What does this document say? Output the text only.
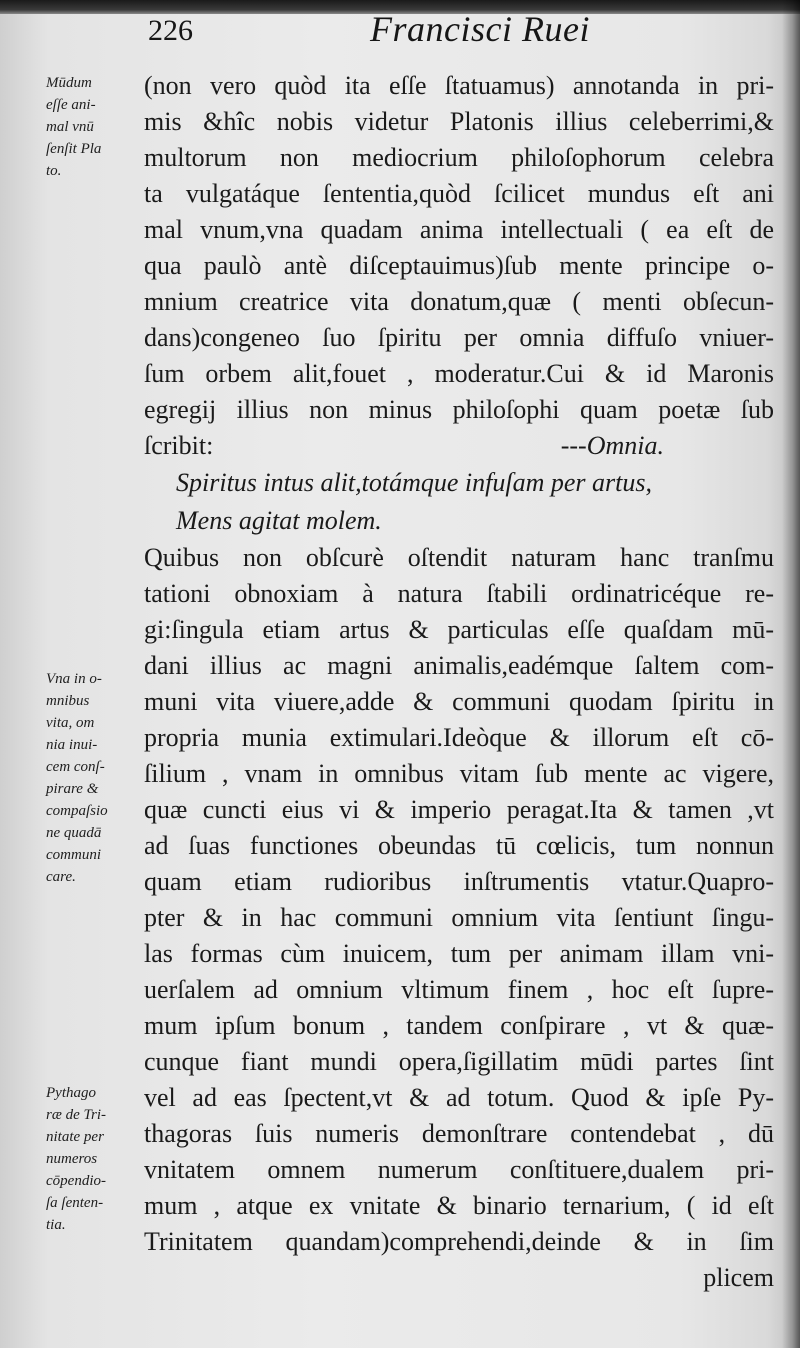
226	Francisci Ruei
Mūdum
eſſe ani-
mal vnū
ſenſit Pla
to.
Vna in o-
mnibus
vita, om
nia inui-
cem conſ-
pirare &
compaſsio
ne quadā
communi
care.
Pythago
ræ de Tri-
nitate per
numeros
cōpendio-
ſa ſenten-
tia.
(non vero quòd ita eſſe ſtatuamus) annotanda in pri-
mis &hîc nobis videtur Platonis illius celeberrimi,&
multorum non mediocrium philoſophorum celebra
ta vulgatáque ſententia,quòd ſcilicet mundus eſt ani
mal vnum,vna quadam anima intellectuali ( ea eſt de
qua paulò antè diſceptauimus)ſub mente principe o-
mnium creatrice vita donatum,quæ ( menti obſecun-
dans)congeneo ſuo ſpiritu per omnia diffuſo vniuer-
ſum orbem alit,fouet , moderatur.Cui & id Maronis
egregij illius non minus philoſophi quam poetæ ſub
ſcribit:	---Omnia.
Spiritus intus alit,totámque infuſam per artus,
Mens agitat molem.
Quibus non obſcurè oſtendit naturam hanc tranſmu
tationi obnoxiam à natura ſtabili ordinatricéque re-
gi:ſingula etiam artus & particulas eſſe quaſdam mū-
dani illius ac magni animalis,eadémque ſaltem com-
muni vita viuere,adde & communi quodam ſpiritu in
propria munia extimulari.Ideòque & illorum eſt cō-
ſilium , vnam in omnibus vitam ſub mente ac vigere,
quæ cuncti eius vi & imperio peragat.Ita & tamen ,vt
ad ſuas functiones obeundas tū cœlicis, tum nonnun
quam etiam rudioribus inſtrumentis vtatur.Quapro-
pter & in hac communi omnium vita ſentiunt ſingu-
las formas cùm inuicem, tum per animam illam vni-
uerſalem ad omnium vltimum finem , hoc eſt ſupre-
mum ipſum bonum , tandem conſpirare , vt & quæ-
cunque fiant mundi opera,ſigillatim mūdi partes ſint
vel ad eas ſpectent,vt & ad totum. Quod & ipſe Py-
thagoras ſuis numeris demonſtrare contendebat , dū
vnitatem omnem numerum conſtituere,dualem pri-
mum , atque ex vnitate & binario ternarium, ( id eſt
Trinitatem quandam)comprehendi,deinde & in ſim
plicem
